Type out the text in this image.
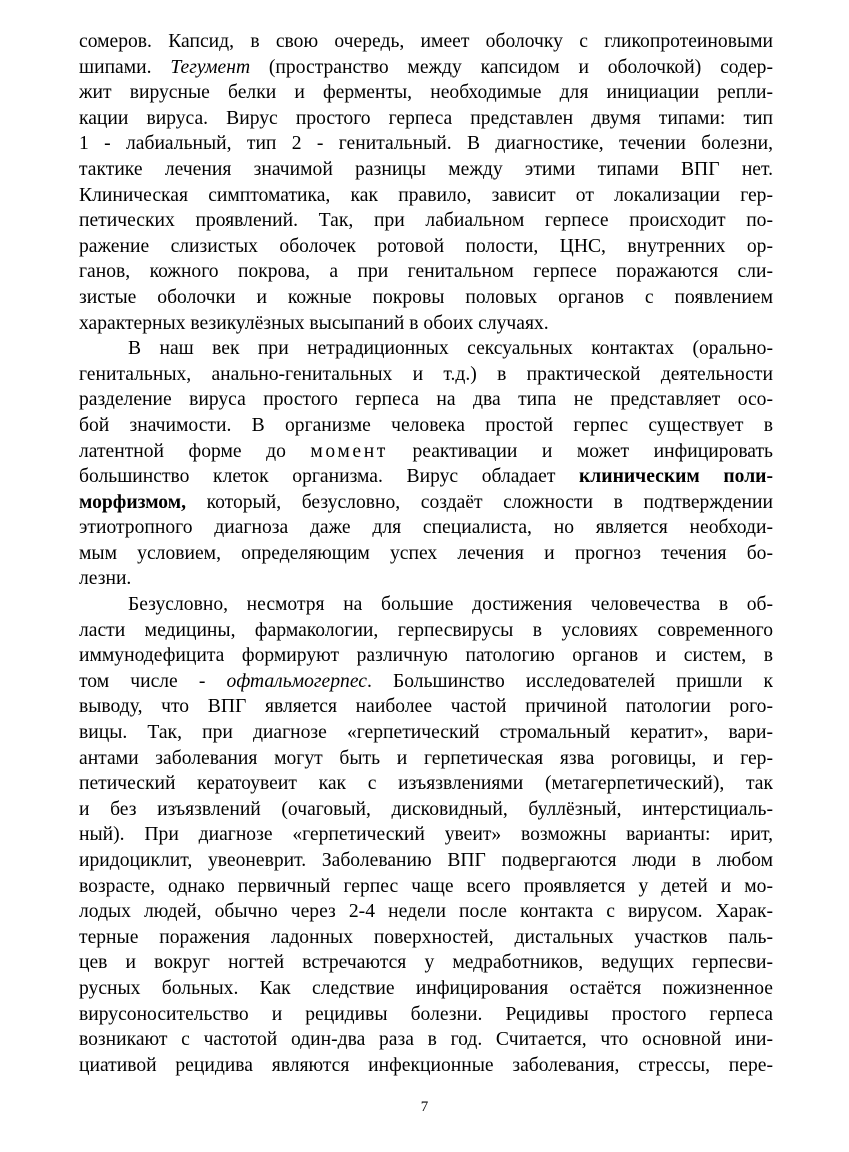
сомеров. Капсид, в свою очередь, имеет оболочку с гликопротеиновыми
шипами. Тегумент (пространство между капсидом и оболочкой) содер-
жит вирусные белки и ферменты, необходимые для инициации репли-
кации вируса. Вирус простого герпеса представлен двумя типами: тип
1 - лабиальный, тип 2 - генитальный. В диагностике, течении болезни,
тактике лечения значимой разницы между этими типами ВПГ нет.
Клиническая симптоматика, как правило, зависит от локализации гер-
петических проявлений. Так, при лабиальном герпесе происходит по-
ражение слизистых оболочек ротовой полости, ЦНС, внутренних ор-
ганов, кожного покрова, а при генитальном герпесе поражаются сли-
зистые оболочки и кожные покровы половых органов с появлением
характерных везикулёзных высыпаний в обоих случаях.
В наш век при нетрадиционных сексуальных контактах (орально-
генитальных, анально-генитальных и т.д.) в практической деятельности
разделение вируса простого герпеса на два типа не представляет осо-
бой значимости. В организме человека простой герпес существует в
латентной форме до момент реактивации и может инфицировать
большинство клеток организма. Вирус обладает клиническим поли-
морфизмом, который, безусловно, создаёт сложности в подтверждении
этиотропного диагноза даже для специалиста, но является необходи-
мым условием, определяющим успех лечения и прогноз течения бо-
лезни.
Безусловно, несмотря на большие достижения человечества в об-
ласти медицины, фармакологии, герпесвирусы в условиях современного
иммунодефицита формируют различную патологию органов и систем, в
том числе - офтальмогерпес. Большинство исследователей пришли к
выводу, что ВПГ является наиболее частой причиной патологии рого-
вицы. Так, при диагнозе «герпетический стромальный кератит», вари-
антами заболевания могут быть и герпетическая язва роговицы, и гер-
петический кератоувеит как с изъязвлениями (метагерпетический), так
и без изъязвлений (очаговый, дисковидный, буллёзный, интерстициаль-
ный). При диагнозе «герпетический увеит» возможны варианты: ирит,
иридоциклит, увеоневрит. Заболеванию ВПГ подвергаются люди в любом
возрасте, однако первичный герпес чаще всего проявляется у детей и мо-
лодых людей, обычно через 2-4 недели после контакта с вирусом. Харак-
терные поражения ладонных поверхностей, дистальных участков паль-
цев и вокруг ногтей встречаются у медработников, ведущих герпесви-
русных больных. Как следствие инфицирования остаётся пожизненное
вирусоносительство и рецидивы болезни. Рецидивы простого герпеса
возникают с частотой один-два раза в год. Считается, что основной ини-
циативой рецидива являются инфекционные заболевания, стрессы, пере-
7
